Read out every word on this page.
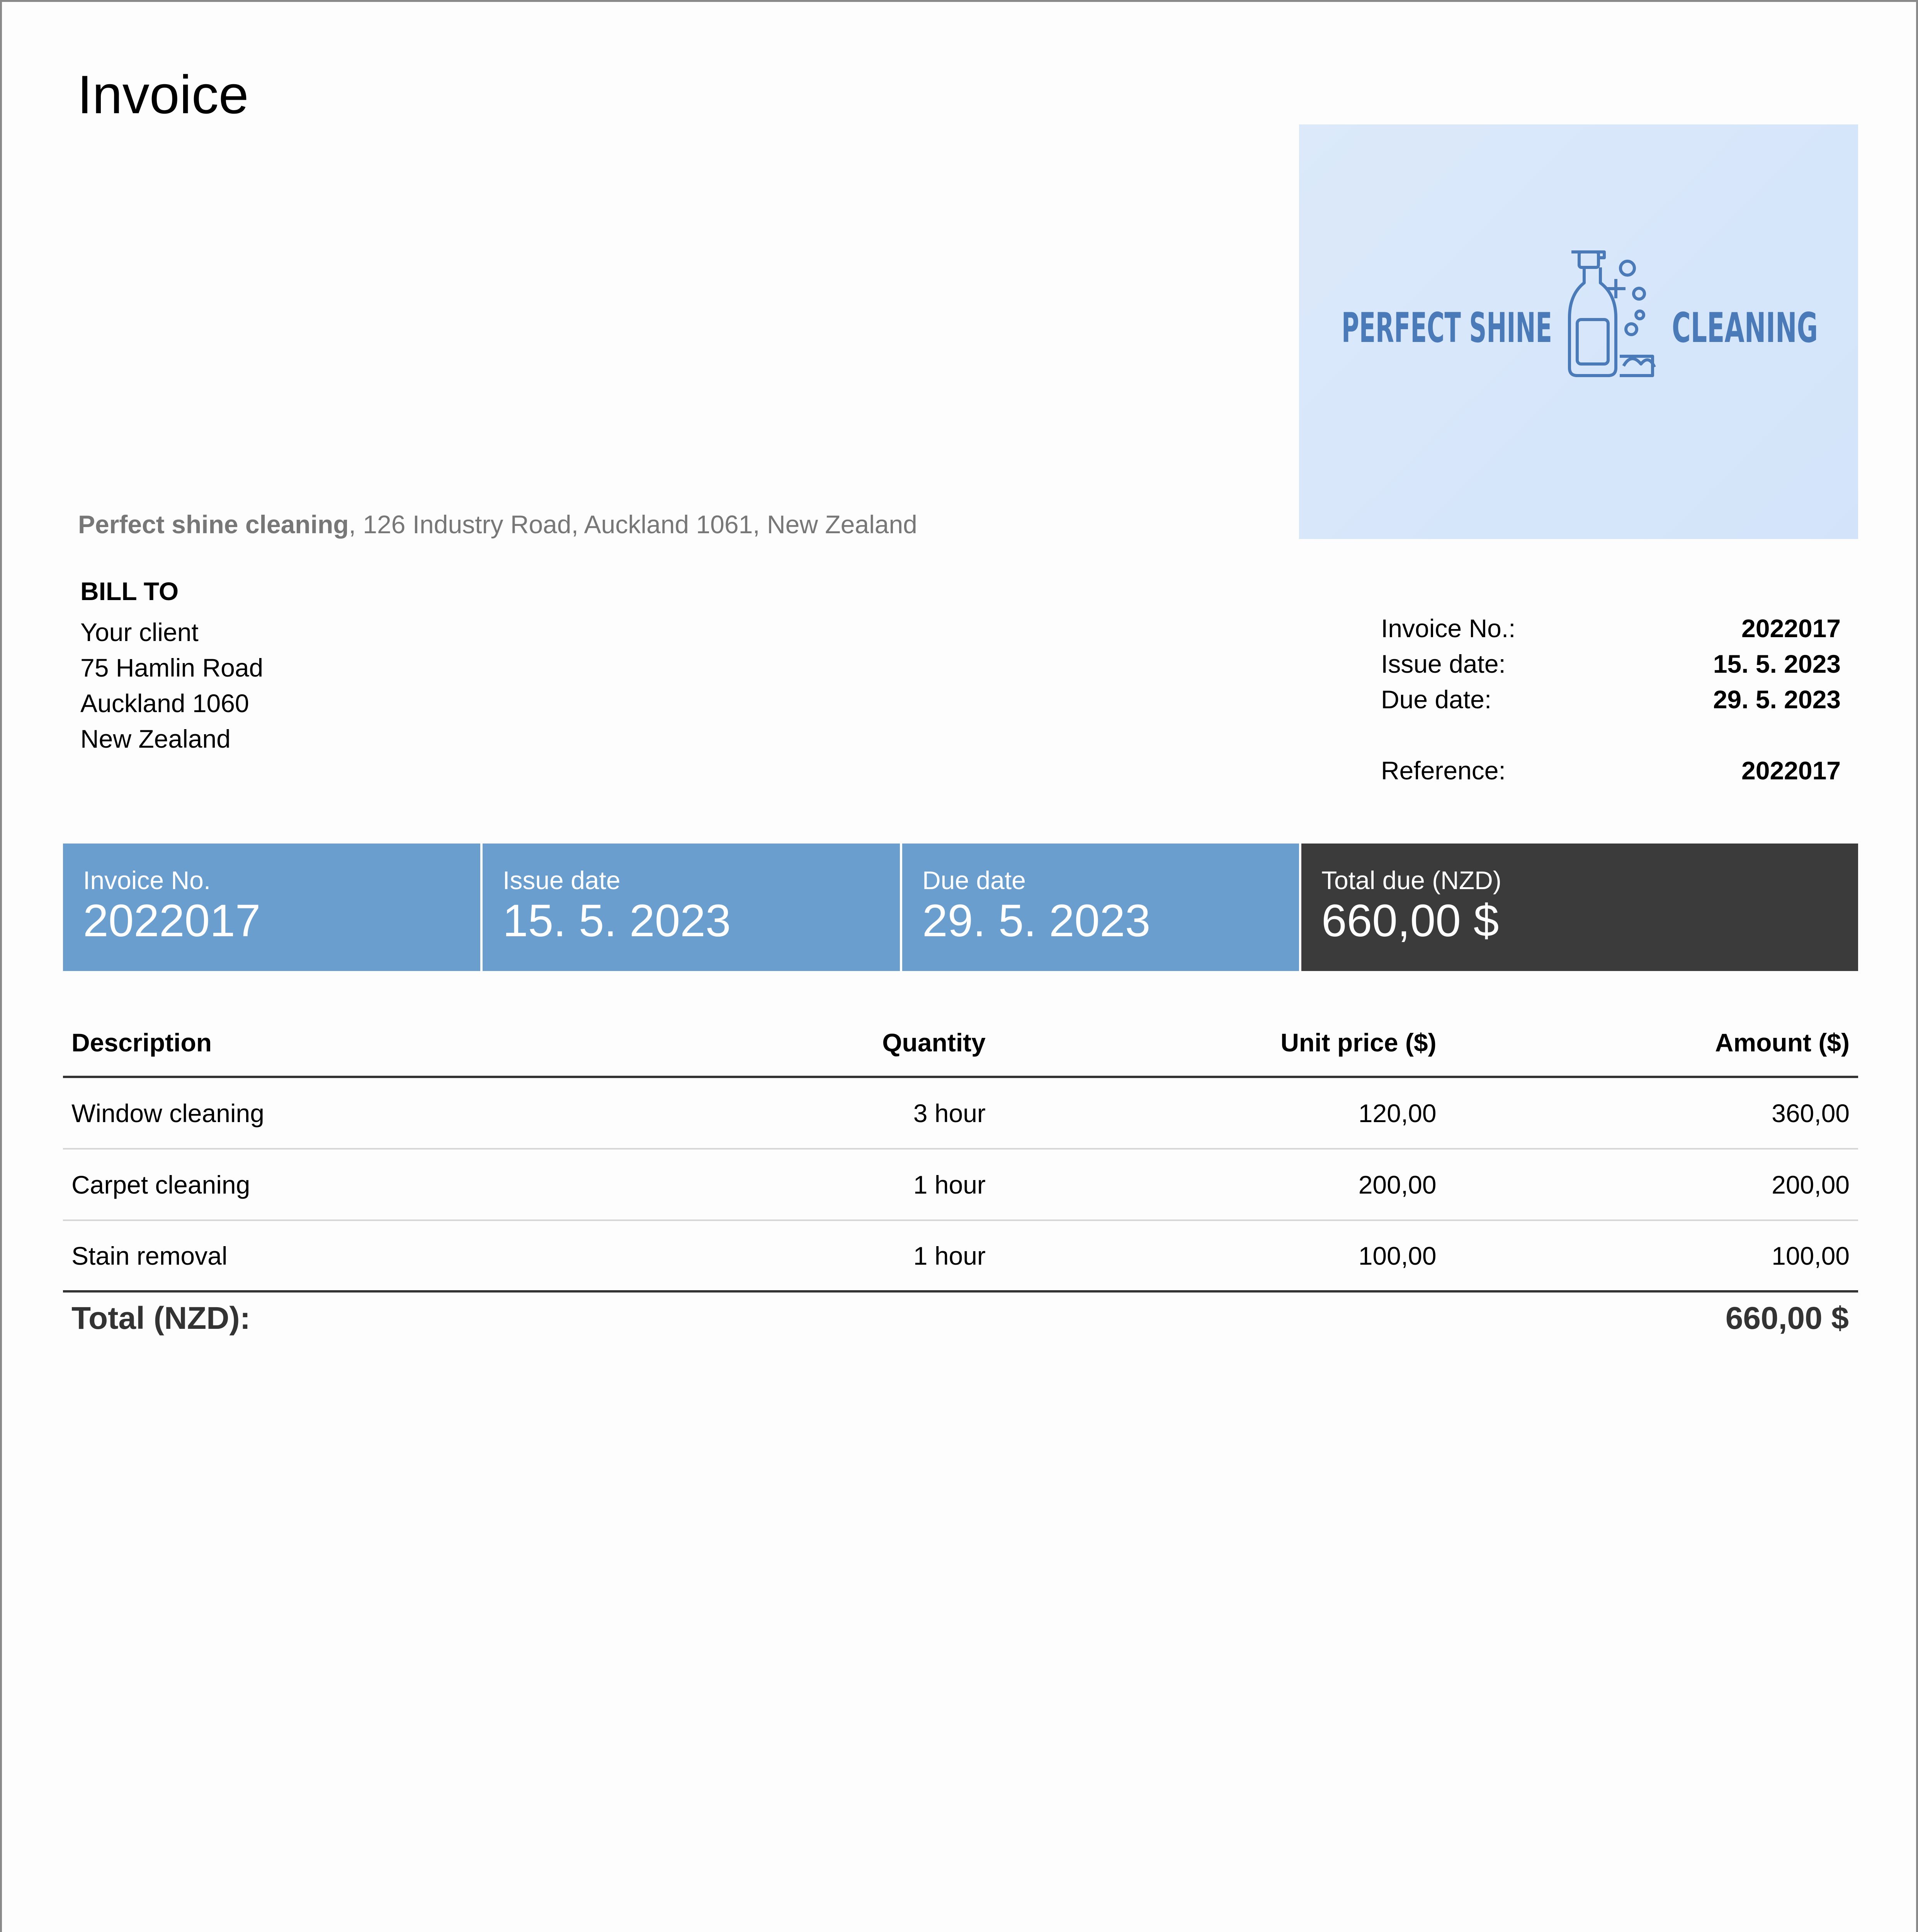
Invoice
PERFECT SHINE	CLEANING
Perfect shine cleaning, 126 Industry Road, Auckland 1061, New Zealand
BILL TO
Your client
75 Hamlin Road
Auckland 1060
New Zealand
Invoice No.:	2022017
Issue date:	15. 5. 2023
Due date:	29. 5. 2023
Reference:	2022017
Invoice No.
2022017
Issue date
15. 5. 2023
Due date
29. 5. 2023
Total due (NZD)
660,00 $
Description	Quantity	Unit price ($)	Amount ($)
Window cleaning	3 hour	120,00	360,00
Carpet cleaning	1 hour	200,00	200,00
Stain removal	1 hour	100,00	100,00
Total (NZD):	660,00 $
